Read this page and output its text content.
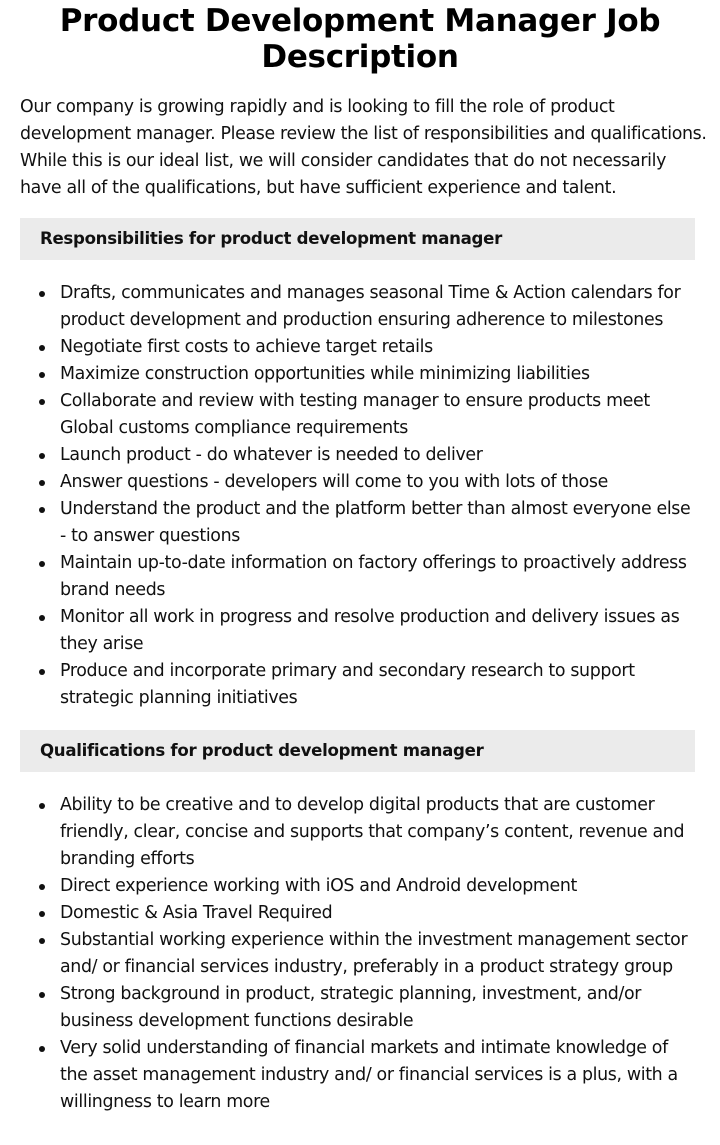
Product Development Manager Job Description

Our company is growing rapidly and is looking to fill the role of product development manager. Please review the list of responsibilities and qualifications. While this is our ideal list, we will consider candidates that do not necessarily have all of the qualifications, but have sufficient experience and talent.

Responsibilities for product development manager
Drafts, communicates and manages seasonal Time & Action calendars for product development and production ensuring adherence to milestones
Negotiate first costs to achieve target retails
Maximize construction opportunities while minimizing liabilities
Collaborate and review with testing manager to ensure products meet Global customs compliance requirements
Launch product - do whatever is needed to deliver
Answer questions - developers will come to you with lots of those
Understand the product and the platform better than almost everyone else - to answer questions
Maintain up-to-date information on factory offerings to proactively address brand needs
Monitor all work in progress and resolve production and delivery issues as they arise
Produce and incorporate primary and secondary research to support strategic planning initiatives
Qualifications for product development manager
Ability to be creative and to develop digital products that are customer friendly, clear, concise and supports that company’s content, revenue and branding efforts
Direct experience working with iOS and Android development
Domestic & Asia Travel Required
Substantial working experience within the investment management sector and/ or financial services industry, preferably in a product strategy group
Strong background in product, strategic planning, investment, and/or business development functions desirable
Very solid understanding of financial markets and intimate knowledge of the asset management industry and/ or financial services is a plus, with a willingness to learn more
